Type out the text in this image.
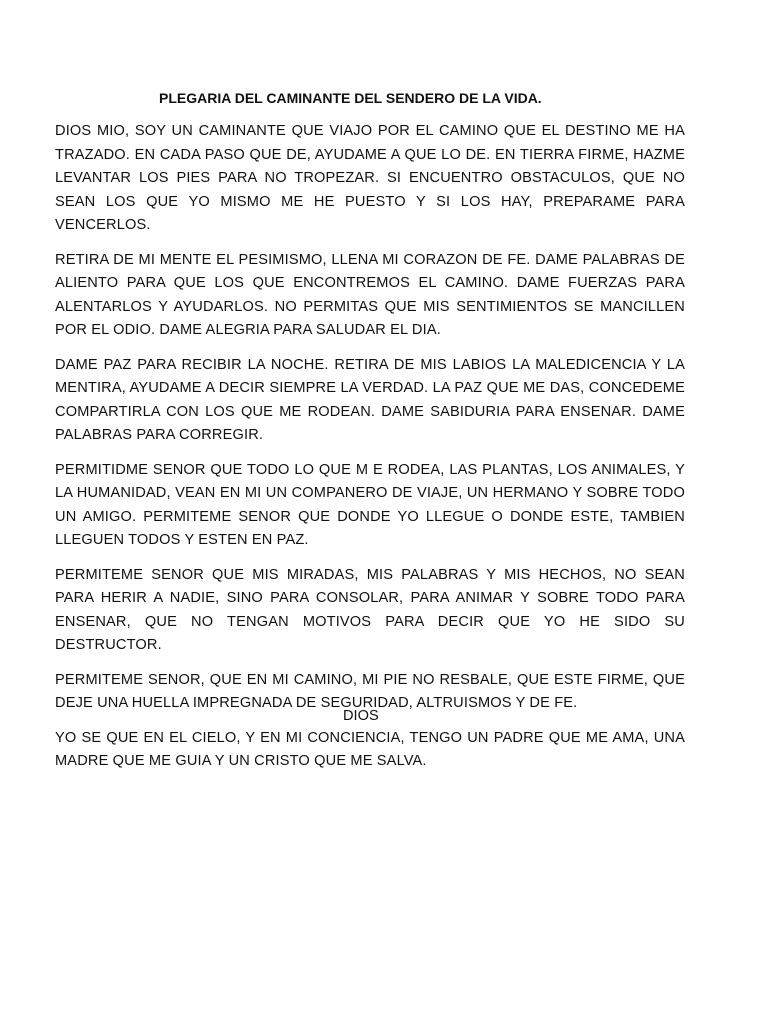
PLEGARIA DEL CAMINANTE DEL SENDERO DE LA VIDA.

DIOS MIO, SOY UN CAMINANTE QUE VIAJO POR EL CAMINO QUE EL DESTINO ME HA TRAZADO. EN CADA PASO QUE DE, AYUDAME A QUE LO DE. EN TIERRA FIRME, HAZME LEVANTAR LOS PIES PARA NO TROPEZAR. SI ENCUENTRO OBSTACULOS, QUE NO SEAN LOS QUE YO MISMO ME HE PUESTO Y SI LOS HAY, PREPARAME PARA VENCERLOS.

RETIRA DE MI MENTE EL PESIMISMO, LLENA MI CORAZON DE FE. DAME PALABRAS DE ALIENTO PARA QUE LOS QUE ENCONTREMOS EL CAMINO. DAME FUERZAS PARA ALENTARLOS Y AYUDARLOS. NO PERMITAS QUE MIS SENTIMIENTOS SE MANCILLEN POR EL ODIO. DAME ALEGRIA PARA SALUDAR EL DIA.

DAME PAZ PARA RECIBIR LA NOCHE. RETIRA DE MIS LABIOS LA MALEDICENCIA Y LA MENTIRA, AYUDAME A DECIR SIEMPRE LA VERDAD. LA PAZ QUE ME DAS, CONCEDEME COMPARTIRLA CON LOS QUE ME RODEAN. DAME SABIDURIA PARA ENSENAR. DAME PALABRAS PARA CORREGIR.

PERMITIDME SENOR QUE TODO LO QUE M E RODEA, LAS PLANTAS, LOS ANIMALES, Y LA HUMANIDAD, VEAN EN MI UN COMPANERO DE VIAJE, UN HERMANO Y SOBRE TODO UN AMIGO. PERMITEME SENOR QUE DONDE YO LLEGUE O DONDE ESTE, TAMBIEN LLEGUEN TODOS Y ESTEN EN PAZ.

PERMITEME SENOR QUE MIS MIRADAS, MIS PALABRAS Y MIS HECHOS, NO SEAN PARA HERIR A NADIE, SINO PARA CONSOLAR, PARA ANIMAR Y SOBRE TODO PARA ENSENAR, QUE NO TENGAN MOTIVOS PARA DECIR QUE YO HE SIDO SU DESTRUCTOR.

PERMITEME SENOR, QUE EN MI CAMINO, MI PIE NO RESBALE, QUE ESTE FIRME, QUE DEJE UNA HUELLA IMPREGNADA DE SEGURIDAD, ALTRUISMOS Y DE FE.

YO SE QUE EN EL CIELO, Y EN MI CONCIENCIA, TENGO UN PADRE QUE ME AMA, UNA MADRE QUE ME GUIA Y UN CRISTO QUE ME SALVA.

DIOS
